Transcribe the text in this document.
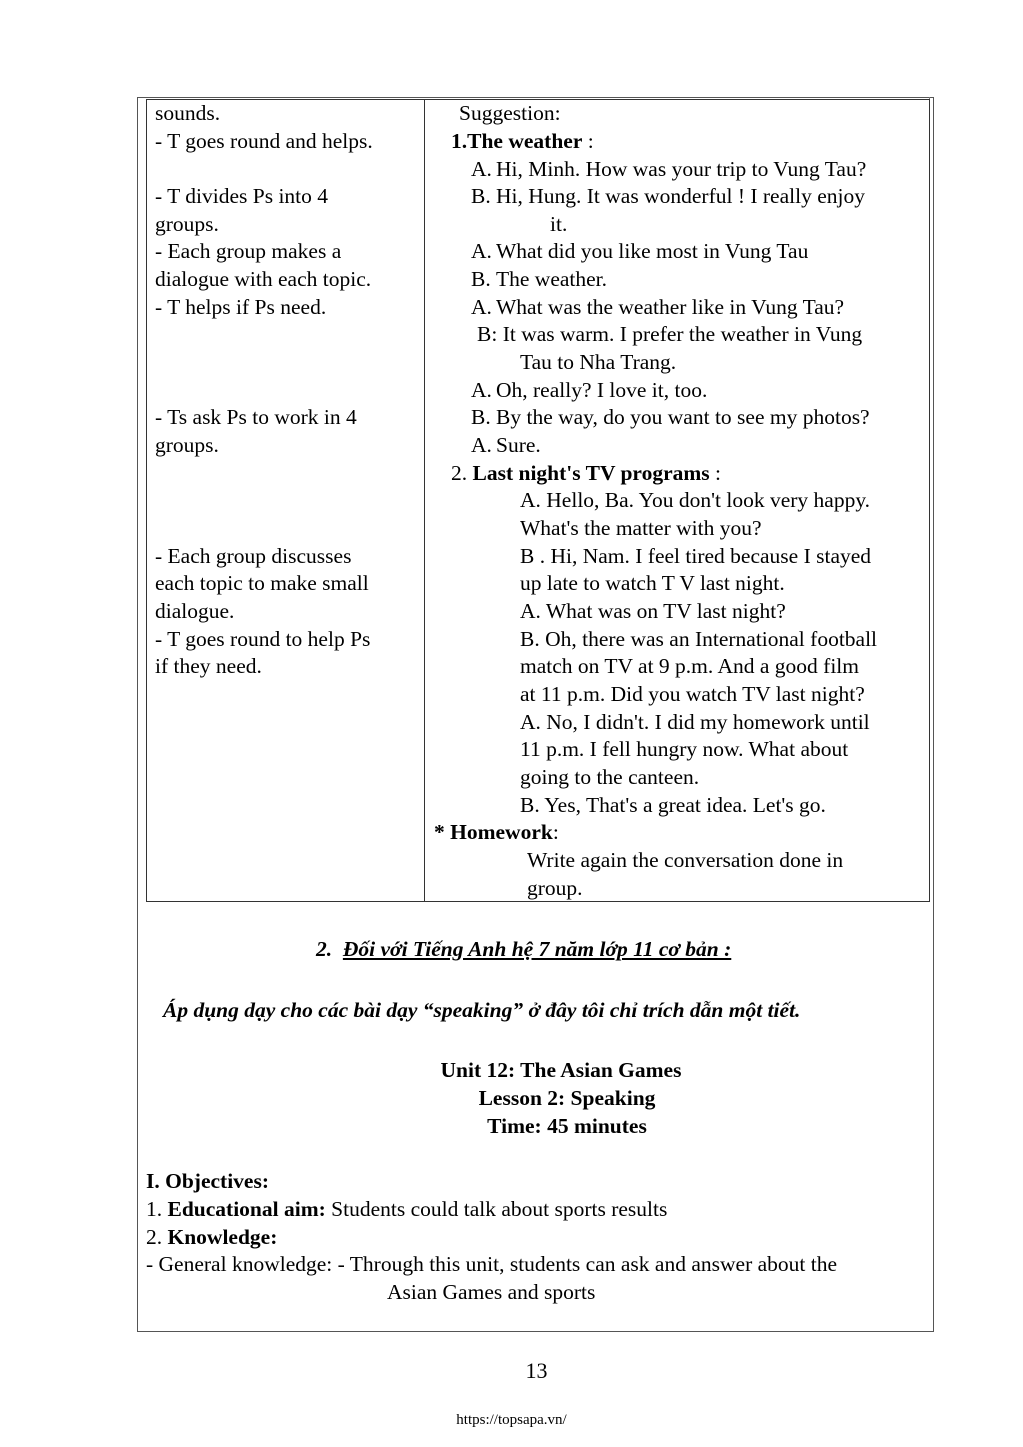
sounds.
- T goes round and helps.
- T divides Ps into 4
groups.
- Each group makes a
dialogue with each topic.
- T helps if Ps need.
- Ts ask Ps to work in 4
groups.
- Each group discusses
each topic to make small
dialogue.
- T goes round to help Ps
if they need.
Suggestion:
1.The weather :
A. Hi, Minh. How was your trip to Vung Tau?
B. Hi, Hung. It was wonderful ! I really enjoy
it.
A. What did you like most in Vung Tau
B. The weather.
A. What was the weather like in Vung Tau?
B: It was warm. I prefer the weather in Vung
Tau to Nha Trang.
A. Oh, really? I love it, too.
B. By the way, do you want to see my photos?
A. Sure.
2. Last night's TV programs :
A. Hello, Ba. You don't look very happy.
What's the matter with you?
B . Hi, Nam. I feel tired because I stayed
up late to watch T V last night.
A. What was on TV last night?
B. Oh, there was an International football
match on TV at 9 p.m. And a good film
at 11 p.m. Did you watch TV last night?
A. No, I didn't. I did my homework until
11 p.m. I fell hungry now. What about
going to the canteen.
B. Yes, That's a great idea. Let's go.
* Homework:
Write again the conversation done in
group.
2. Đối với Tiếng Anh hệ 7 năm lớp 11 cơ bản :
Áp dụng dạy cho các bài dạy “speaking” ở đây tôi chỉ trích dẫn một tiết.
Unit 12: The Asian Games
Lesson 2: Speaking
Time: 45 minutes
I. Objectives:
1. Educational aim: Students could talk about sports results
2. Knowledge:
- General knowledge: - Through this unit, students can ask and answer about the
Asian Games and sports
13
https://topsapa.vn/
